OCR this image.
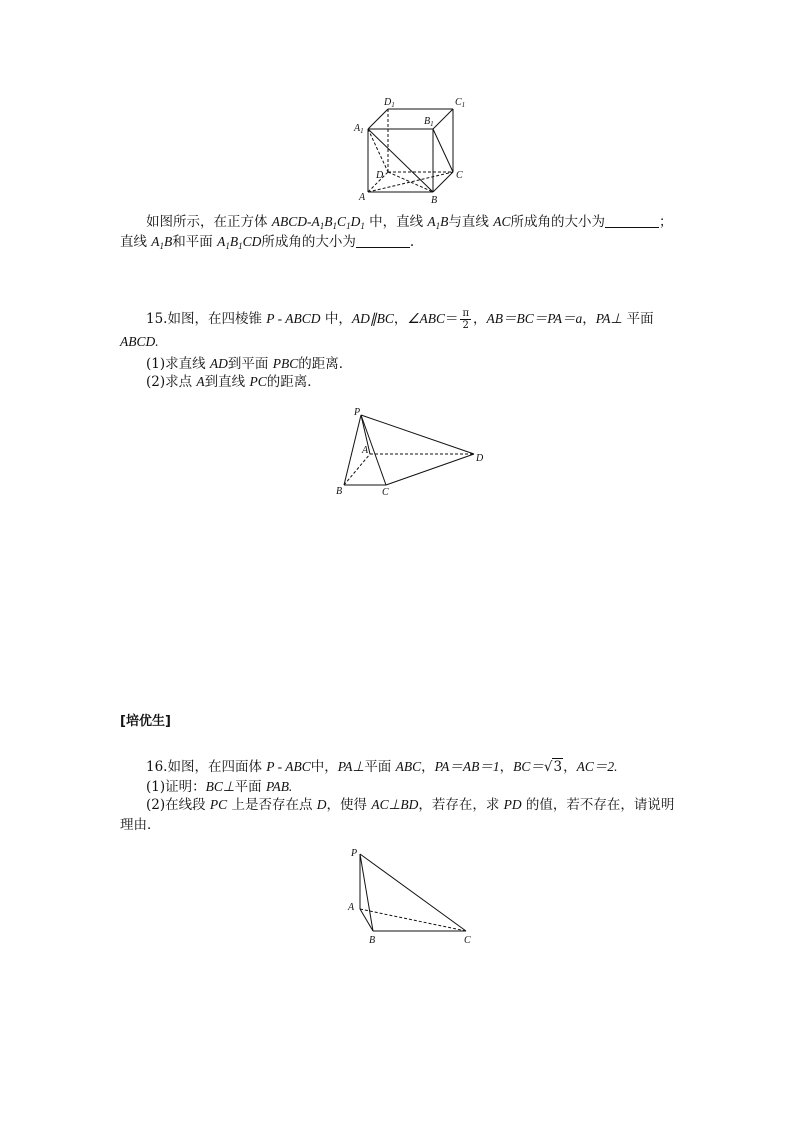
$D_1$	$C_1$
$A_1$
$B_1$
D	C
A	B
如图所示，在正方体 ABCD-$A_1B_1C_1D_1$ 中，直线 $A_1B$与直线 AC所成角的大小为	；
直线 $A_1B$和平面 $A_1B_1CD$所成角的大小为	.
15.如图，在四棱锥 P - ABCD 中，AD∥BC，∠ABC＝ $\frac{\pi}{2}$ ，AB＝BC＝PA＝a，PA⊥ 平面
ABCD.
(1)求直线 AD到平面 PBC的距离．
(2)求点 A到直线 PC的距离．
P
A
B	C
D
[培优生]
16.如图，在四面体 P - ABC中，PA⊥平面 ABC，PA＝AB＝1，BC＝√3，AC＝2.
(1)证明：BC⊥平面 PAB.
(2)在线段 PC 上是否存在点 D，使得 AC⊥BD，若存在，求 PD 的值，若不存在，请说明
理由．
P
A
B	C
